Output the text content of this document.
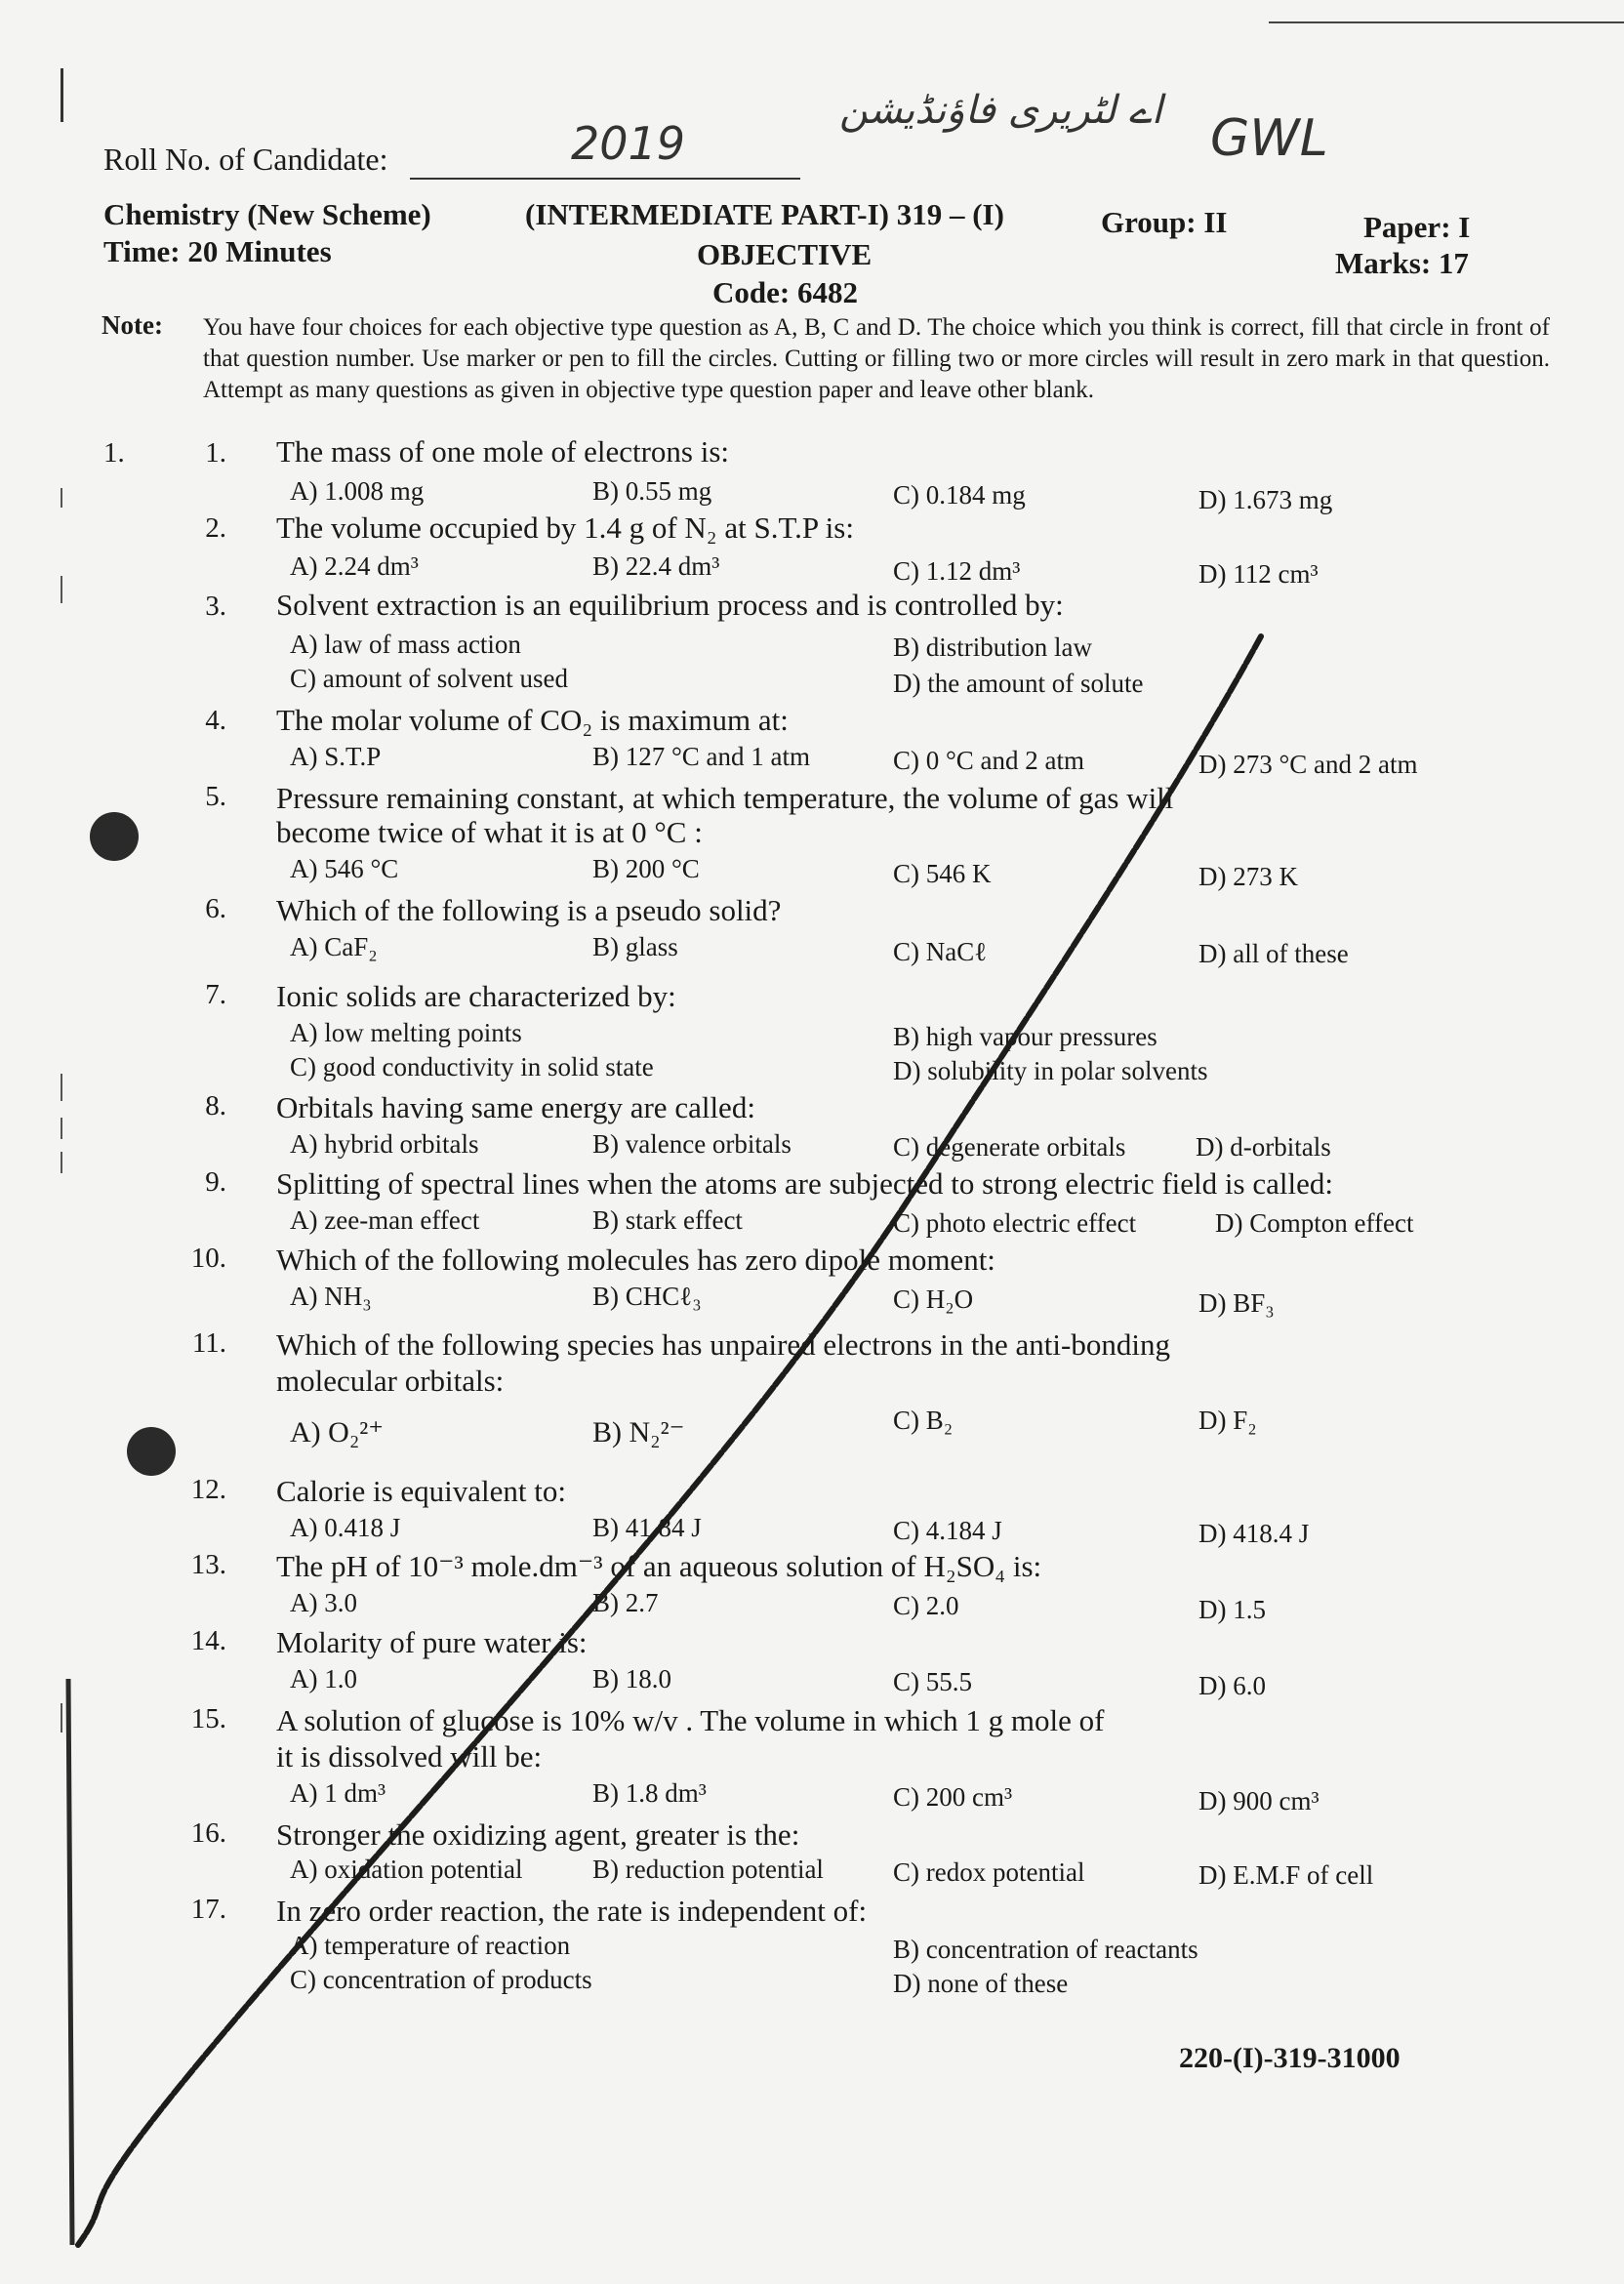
2019
اے لٹریری فاؤنڈیشن GWL
Roll No. of Candidate:
Chemistry (New Scheme)	(INTERMEDIATE PART-I) 319 – (I)	Group: II	Paper: I
Time: 20 Minutes	OBJECTIVE	Marks: 17
Code: 6482
Note: You have four choices for each objective type question as A, B, C and D. The choice which you think is correct, fill that circle in front of that question number. Use marker or pen to fill the circles. Cutting or filling two or more circles will result in zero mark in that question. Attempt as many questions as given in objective type question paper and leave other blank.
1.	1. The mass of one mole of electrons is:
A) 1.008 mg	B) 0.55 mg	C) 0.184 mg	D) 1.673 mg
2. The volume occupied by 1.4 g of N₂ at S.T.P is:
A) 2.24 dm³	B) 22.4 dm³	C) 1.12 dm³	D) 112 cm³
3. Solvent extraction is an equilibrium process and is controlled by:
A) law of mass action	B) distribution law
C) amount of solvent used	D) the amount of solute
4. The molar volume of CO₂ is maximum at:
A) S.T.P	B) 127 °C and 1 atm	C) 0 °C and 2 atm	D) 273 °C and 2 atm
5. Pressure remaining constant, at which temperature, the volume of gas will
become twice of what it is at 0 °C :
A) 546 °C	B) 200 °C	C) 546 K	D) 273 K
6. Which of the following is a pseudo solid?
A) CaF₂	B) glass	C) NaCℓ	D) all of these
7. Ionic solids are characterized by:
A) low melting points	B) high vapour pressures
C) good conductivity in solid state	D) solubility in polar solvents
8. Orbitals having same energy are called:
A) hybrid orbitals	B) valence orbitals	C) degenerate orbitals	D) d-orbitals
9. Splitting of spectral lines when the atoms are subjected to strong electric field is called:
A) zee-man effect	B) stark effect	C) photo electric effect	D) Compton effect
10. Which of the following molecules has zero dipole moment:
A) NH₃	B) CHCℓ₃	C) H₂O	D) BF₃
11. Which of the following species has unpaired electrons in the anti-bonding
molecular orbitals:
A) O₂²⁺	B) N₂²⁻	C) B₂	D) F₂
12. Calorie is equivalent to:
A) 0.418 J	B) 41.84 J	C) 4.184 J	D) 418.4 J
13. The pH of 10⁻³ mole.dm⁻³ of an aqueous solution of H₂SO₄ is:
A) 3.0	B) 2.7	C) 2.0	D) 1.5
14. Molarity of pure water is:
A) 1.0	B) 18.0	C) 55.5	D) 6.0
15. A solution of glucose is 10% w/v . The volume in which 1 g mole of
it is dissolved will be:
A) 1 dm³	B) 1.8 dm³	C) 200 cm³	D) 900 cm³
16. Stronger the oxidizing agent, greater is the:
A) oxidation potential	B) reduction potential	C) redox potential	D) E.M.F of cell
17. In zero order reaction, the rate is independent of:
A) temperature of reaction	B) concentration of reactants
C) concentration of products	D) none of these
220-(I)-319-31000
